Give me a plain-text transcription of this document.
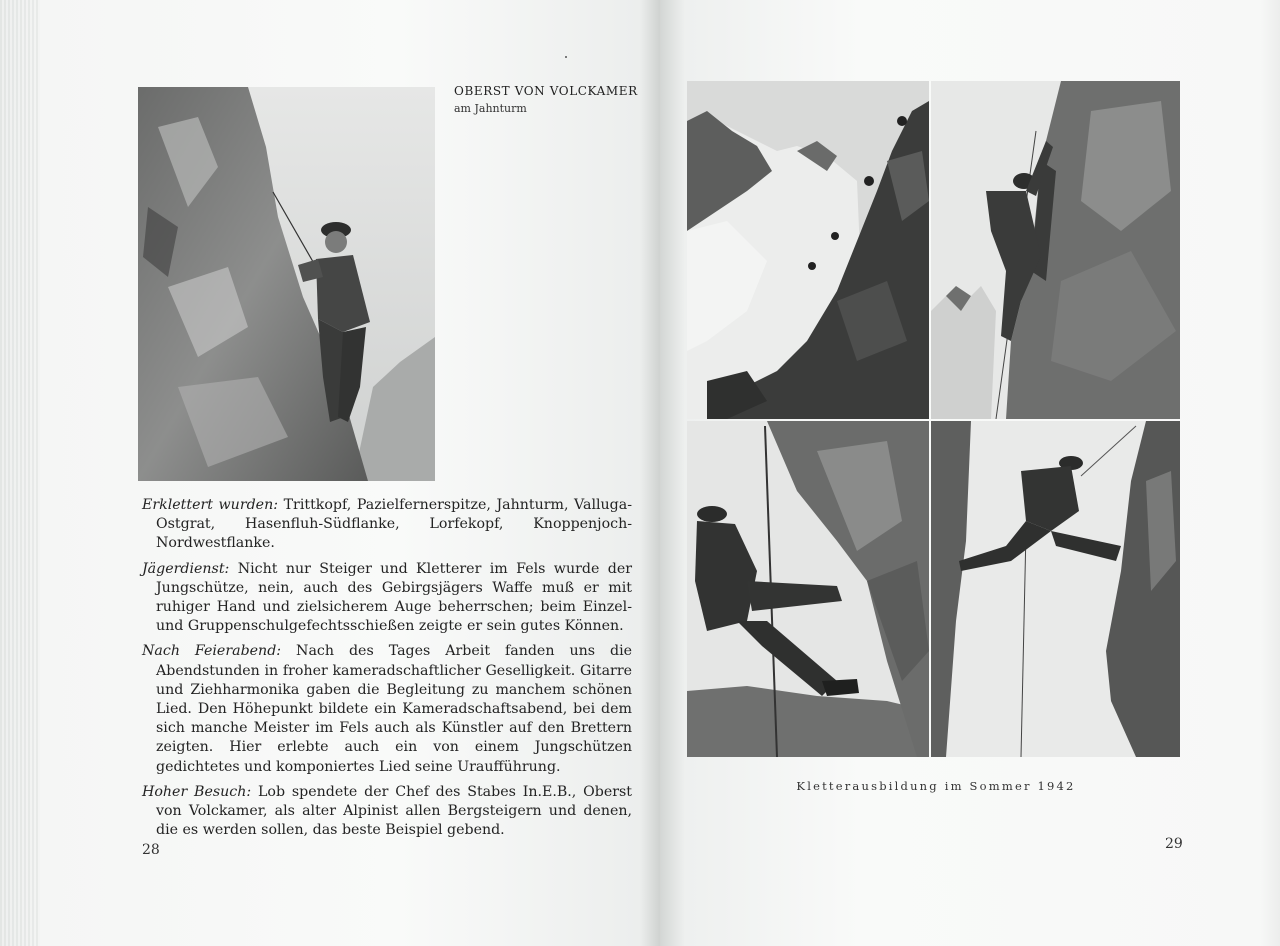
OBERST VON VOLCKAMER
am Jahnturm

Erklettert wurden: Trittkopf, Pazielfernerspitze, Jahnturm, Valluga-Ostgrat, Hasenfluh-Südflanke, Lorfekopf, Knoppenjoch-Nordwestflanke.

Jägerdienst: Nicht nur Steiger und Kletterer im Fels wurde der Jungschütze, nein, auch des Gebirgsjägers Waffe muß er mit ruhiger Hand und zielsicherem Auge beherrschen; beim Einzel- und Gruppenschulgefechtsschießen zeigte er sein gutes Können.

Nach Feierabend: Nach des Tages Arbeit fanden uns die Abendstunden in froher kameradschaftlicher Geselligkeit. Gitarre und Ziehharmonika gaben die Begleitung zu manchem schönen Lied. Den Höhepunkt bildete ein Kameradschaftsabend, bei dem sich manche Meister im Fels auch als Künstler auf den Brettern zeigten. Hier erlebte auch ein von einem Jungschützen gedichtetes und komponiertes Lied seine Uraufführung.

Hoher Besuch: Lob spendete der Chef des Stabes In.E.B., Oberst von Volckamer, als alter Alpinist allen Bergsteigern und denen, die es werden sollen, das beste Beispiel gebend.

28
Kletterausbildung im Sommer 1942
29
